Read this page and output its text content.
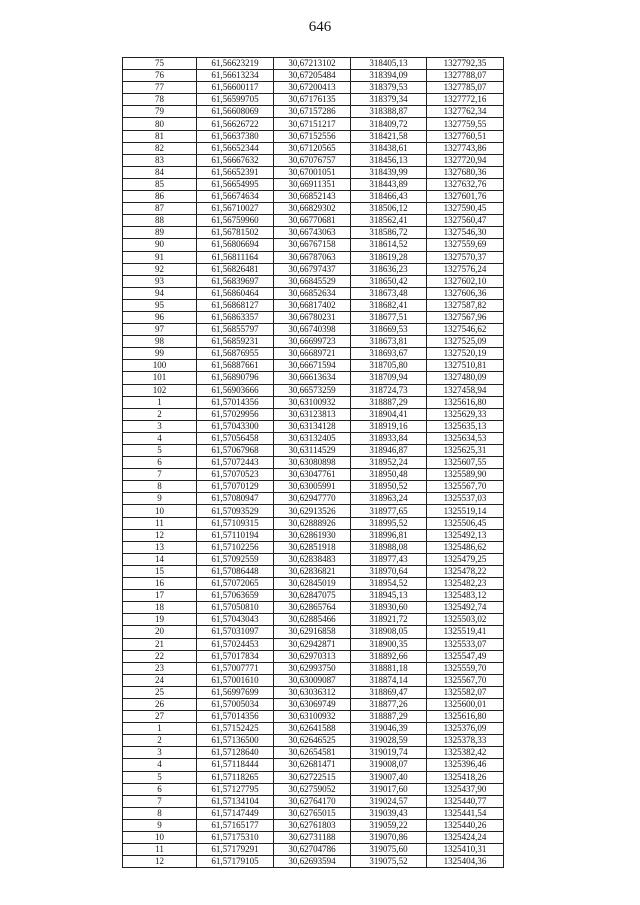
646
75	61,56623219	30,67213102	318405,13	1327792,35
76	61,56613234	30,67205484	318394,09	1327788,07
77	61,56600117	30,67200413	318379,53	1327785,07
78	61,56599705	30,67176135	318379,34	1327772,16
79	61,56608069	30,67157286	318388,87	1327762,34
80	61,56626722	30,67151217	318409,72	1327759,55
81	61,56637380	30,67152556	318421,58	1327760,51
82	61,56652344	30,67120565	318438,61	1327743,86
83	61,56667632	30,67076757	318456,13	1327720,94
84	61,56652391	30,67001051	318439,99	1327680,36
85	61,56654995	30,66911351	318443,89	1327632,76
86	61,56674634	30,66852143	318466,43	1327601,76
87	61,56710027	30,66829302	318506,12	1327590,45
88	61,56759960	30,66770681	318562,41	1327560,47
89	61,56781502	30,66743063	318586,72	1327546,30
90	61,56806694	30,66767158	318614,52	1327559,69
91	61,56811164	30,66787063	318619,28	1327570,37
92	61,56826481	30,66797437	318636,23	1327576,24
93	61,56839697	30,66845529	318650,42	1327602,10
94	61,56860464	30,66852634	318673,48	1327606,36
95	61,56868127	30,66817402	318682,41	1327587,82
96	61,56863357	30,66780231	318677,51	1327567,96
97	61,56855797	30,66740398	318669,53	1327546,62
98	61,56859231	30,66699723	318673,81	1327525,09
99	61,56876955	30,66689721	318693,67	1327520,19
100	61,56887661	30,66671594	318705,80	1327510,81
101	61,56890796	30,66613634	318709,94	1327480,09
102	61,56903666	30,66573259	318724,73	1327458,94
1	61,57014356	30,63100932	318887,29	1325616,80
2	61,57029956	30,63123813	318904,41	1325629,33
3	61,57043300	30,63134128	318919,16	1325635,13
4	61,57056458	30,63132405	318933,84	1325634,53
5	61,57067968	30,63114529	318946,87	1325625,31
6	61,57072443	30,63080898	318952,24	1325607,55
7	61,57070523	30,63047761	318950,48	1325589,90
8	61,57070129	30,63005991	318950,52	1325567,70
9	61,57080947	30,62947770	318963,24	1325537,03
10	61,57093529	30,62913526	318977,65	1325519,14
11	61,57109315	30,62888926	318995,52	1325506,45
12	61,57110194	30,62861930	318996,81	1325492,13
13	61,57102256	30,62851918	318988,08	1325486,62
14	61,57092559	30,62838483	318977,43	1325479,25
15	61,57086448	30,62836821	318970,64	1325478,22
16	61,57072065	30,62845019	318954,52	1325482,23
17	61,57063659	30,62847075	318945,13	1325483,12
18	61,57050810	30,62865764	318930,60	1325492,74
19	61,57043043	30,62885466	318921,72	1325503,02
20	61,57031097	30,62916858	318908,05	1325519,41
21	61,57024453	30,62942871	318900,35	1325533,07
22	61,57017834	30,62970313	318892,66	1325547,49
23	61,57007771	30,62993750	318881,18	1325559,70
24	61,57001610	30,63009087	318874,14	1325567,70
25	61,56997699	30,63036312	318869,47	1325582,07
26	61,57005034	30,63069749	318877,26	1325600,01
27	61,57014356	30,63100932	318887,29	1325616,80
1	61,57152425	30,62641588	319046,39	1325376,09
2	61,57136500	30,62646525	319028,59	1325378,33
3	61,57128640	30,62654581	319019,74	1325382,42
4	61,57118444	30,62681471	319008,07	1325396,46
5	61,57118265	30,62722515	319007,40	1325418,26
6	61,57127795	30,62759052	319017,60	1325437,90
7	61,57134104	30,62764170	319024,57	1325440,77
8	61,57147449	30,62765015	319039,43	1325441,54
9	61,57165177	30,62761803	319059,22	1325440,26
10	61,57175310	30,62731188	319070,86	1325424,24
11	61,57179291	30,62704786	319075,60	1325410,31
12	61,57179105	30,62693594	319075,52	1325404,36
